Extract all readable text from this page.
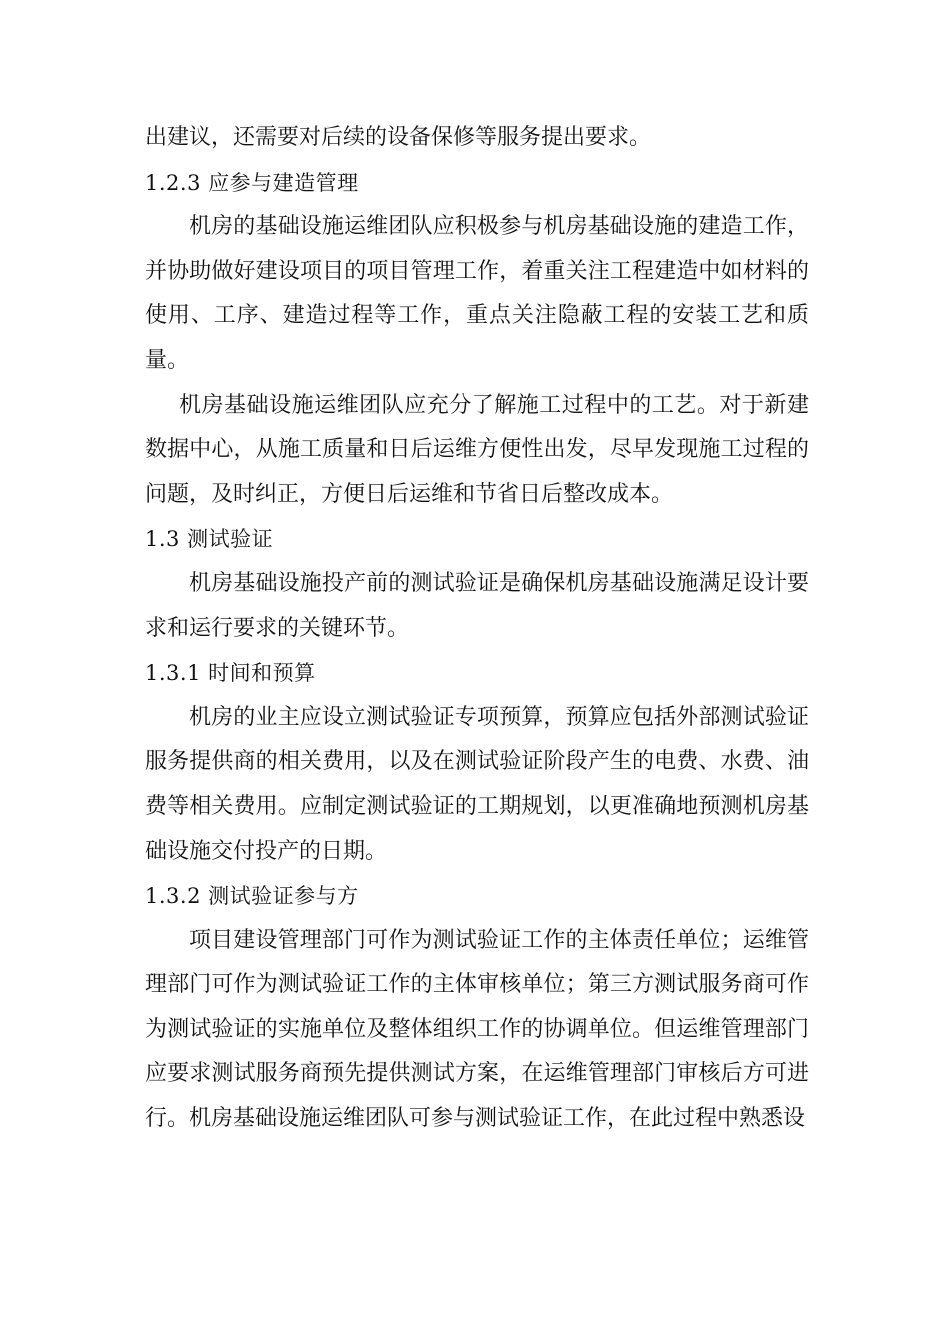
出建议，还需要对后续的设备保修等服务提出要求。

1.2.3 应参与建造管理

机房的基础设施运维团队应积极参与机房基础设施的建造工作，并协助做好建设项目的项目管理工作，着重关注工程建造中如材料的使用、工序、建造过程等工作，重点关注隐蔽工程的安装工艺和质量。

机房基础设施运维团队应充分了解施工过程中的工艺。对于新建数据中心，从施工质量和日后运维方便性出发，尽早发现施工过程的问题，及时纠正，方便日后运维和节省日后整改成本。

1.3 测试验证

机房基础设施投产前的测试验证是确保机房基础设施满足设计要求和运行要求的关键环节。

1.3.1 时间和预算

机房的业主应设立测试验证专项预算，预算应包括外部测试验证服务提供商的相关费用，以及在测试验证阶段产生的电费、水费、油费等相关费用。应制定测试验证的工期规划，以更准确地预测机房基础设施交付投产的日期。

1.3.2 测试验证参与方

项目建设管理部门可作为测试验证工作的主体责任单位；运维管理部门可作为测试验证工作的主体审核单位；第三方测试服务商可作为测试验证的实施单位及整体组织工作的协调单位。但运维管理部门应要求测试服务商预先提供测试方案，在运维管理部门审核后方可进行。机房基础设施运维团队可参与测试验证工作，在此过程中熟悉设
